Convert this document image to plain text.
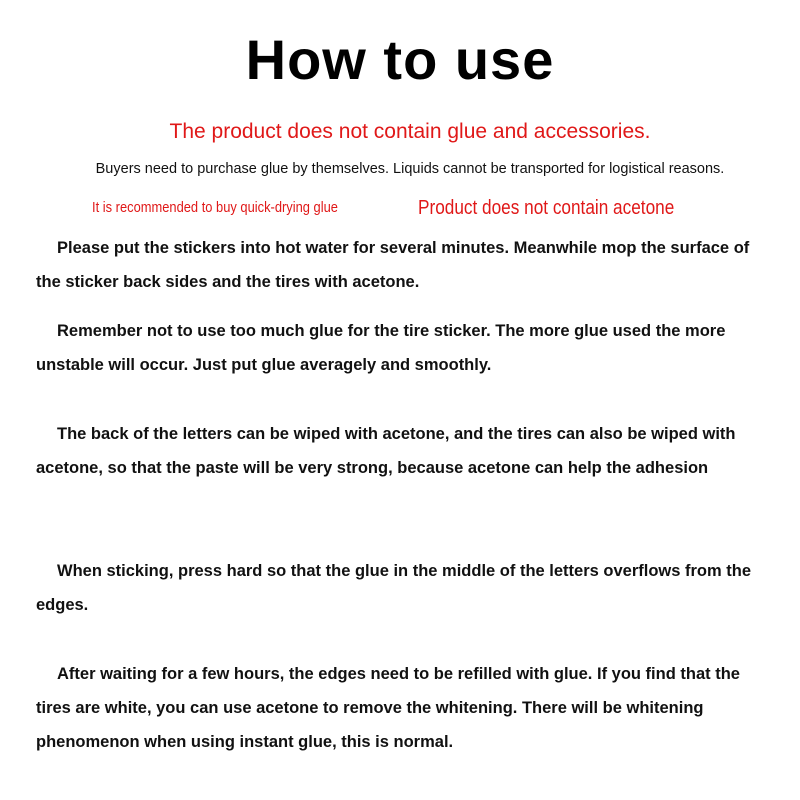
How to use
The product does not contain glue and accessories.
Buyers need to purchase glue by themselves. Liquids cannot be transported for logistical reasons.
It is recommended to buy quick-drying glue	Product does not contain acetone

Please put the stickers into hot water for several minutes. Meanwhile mop the surface of the sticker back sides and the tires with acetone.

Remember not to use too much glue for the tire sticker. The more glue used the more unstable will occur. Just put glue averagely and smoothly.

The back of the letters can be wiped with acetone, and the tires can also be wiped with acetone, so that the paste will be very strong, because acetone can help the adhesion

When sticking, press hard so that the glue in the middle of the letters overflows from the edges.

After waiting for a few hours, the edges need to be refilled with glue. If you find that the tires are white, you can use acetone to remove the whitening. There will be whitening phenomenon when using instant glue, this is normal.
